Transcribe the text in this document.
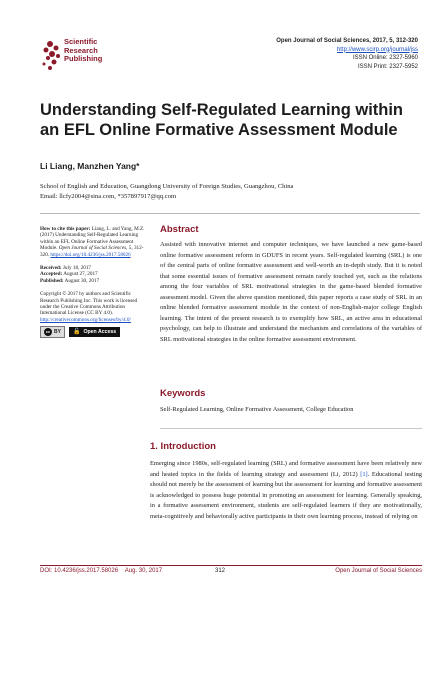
Scientific
Research
Publishing
Open Journal of Social Sciences, 2017, 5, 312-320
http://www.scirp.org/journal/jss
ISSN Online: 2327-5960
ISSN Print: 2327-5952
Understanding Self-Regulated Learning within an EFL Online Formative Assessment Module
Li Liang, Manzhen Yang*
School of English and Education, Guangdong University of Foreign Studies, Guangzhou, China
Email: llcfy2004@sina.com, *357897917@qq.com
How to cite this paper: Liang, L. and Yang, M.Z. (2017) Understanding Self-Regulated Learning within an EFL Online Formative Assessment Module. Open Journal of Social Sciences, 5, 312-320. https://doi.org/10.4236/jss.2017.58026
Received: July 18, 2017
Accepted: August 27, 2017
Published: August 30, 2017
Copyright © 2017 by authors and Scientific Research Publishing Inc. This work is licensed under the Creative Commons Attribution International License (CC BY 4.0).
http://creativecommons.org/licenses/by/4.0/
cc BY 🔓 Open Access
Abstract
Assisted with innovative internet and computer techniques, we have launched a new game-based online formative assessment reform in GDUFS in recent years. Self-regulated learning (SRL) is one of the central parts of online formative assessment and well-worth an in-depth study. But it is noted that some essential issues of formative assessment remain rarely touched yet, such as the relations among the four variables of SRL motivational strategies in the game-based blended formative assessment model. Given the above question mentioned, this paper reports a case study of SRL in an online blended formative assessment module in the context of non-English-major college English learning. The intent of the present research is to exemplify how SRL, an active area in educational psychology, can help to illustrate and understand the mechanism and correlations of the variables of SRL motivational strategies in the online formative assessment environment.
Keywords
Self-Regulated Learning, Online Formative Assessment, College Education
1. Introduction
Emerging since 1980s, self-regulated learning (SRL) and formative assessment have been relatively new and heated topics in the fields of learning strategy and assessment (Li, 2012) [1]. Educational testing should not merely be the assessment of learning but the assessment for learning and formative assessment is acknowledged to possess huge potential in promoting an assessment for learning. Generally speaking, in a formative assessment environment, students are self-regulated learners if they are motivationally, meta-cognitively and behaviorally active participants in their own learning process, instead of relying on
DOI: 10.4236/jss.2017.58026 Aug. 30, 2017	312	Open Journal of Social Sciences
